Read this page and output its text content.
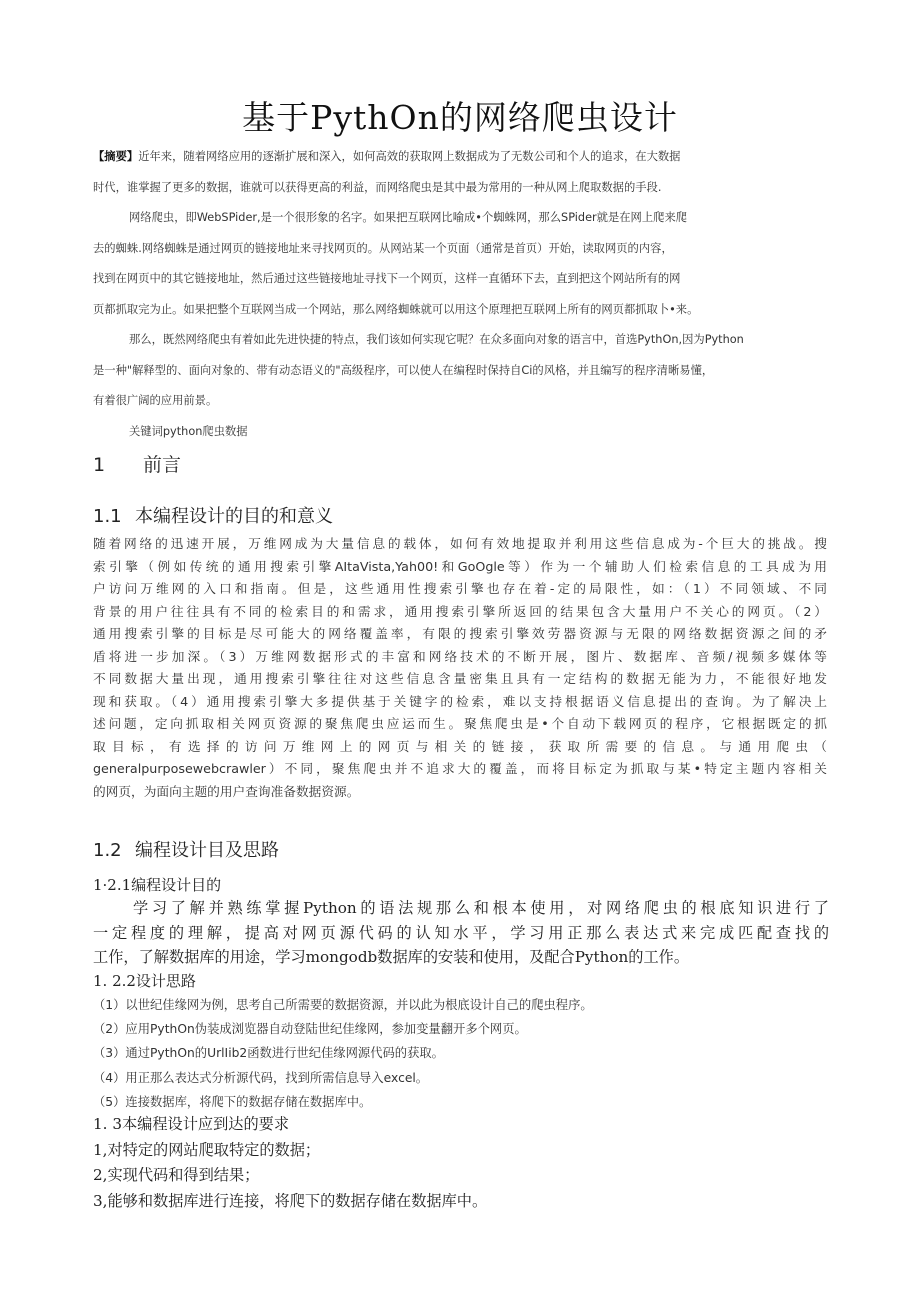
基于PythOn的网络爬虫设计
【摘要】近年来，随着网络应用的逐渐扩展和深入，如何高效的获取网上数据成为了无数公司和个人的追求，在大数据
时代，谁掌握了更多的数据，谁就可以获得更高的利益，而网络爬虫是其中最为常用的一种从网上爬取数据的手段.
网络爬虫，即WebSPider,是一个很形象的名字。如果把互联网比喻成•个蜘蛛网，那么SPider就是在网上爬来爬
去的蜘蛛.网络蜘蛛是通过网页的链接地址来寻找网页的。从网站某一个页面（通常是首页）开始，读取网页的内容，
找到在网页中的其它链接地址，然后通过这些链接地址寻找下一个网页，这样一直循环下去，直到把这个网站所有的网
页都抓取完为止。如果把整个互联网当成一个网站，那么网络蜘蛛就可以用这个原理把互联网上所有的网页都抓取卜•来。
那么，既然网络爬虫有着如此先进快捷的特点，我们该如何实现它呢？在众多面向对象的语言中，首选PythOn,因为Python
是一种"解释型的、面向对象的、带有动态语义的"高级程序，可以使人在编程时保持自Ci的风格，并且编写的程序清晰易懂，
有着很广阔的应用前景。
关键词python爬虫数据
1 前言
1.1 本编程设计的目的和意义
随着网络的迅速开展，万维网成为大量信息的载体，如何有效地提取并利用这些信息成为-个巨大的挑战。搜
索引擎（例如传统的通用搜索引擎AItaVista,Yah00!和GoOgle等）作为一个辅助人们检索信息的工具成为用
户访问万维网的入口和指南。但是，这些通用性搜索引擎也存在着-定的局限性，如：（1）不同领域、不同
背景的用户往往具有不同的检索目的和需求，通用搜索引擎所返回的结果包含大量用户不关心的网页。（2）
通用搜索引擎的目标是尽可能大的网络覆盖率，有限的搜索引擎效劳器资源与无限的网络数据资源之间的矛
盾将进一步加深。（3）万维网数据形式的丰富和网络技术的不断开展，图片、数据库、音频/视频多媒体等
不同数据大量出现，通用搜索引擎往往对这些信息含量密集且具有一定结构的数据无能为力，不能很好地发
现和获取。（4）通用搜索引擎大多提供基于关键字的检索，难以支持根据语义信息提出的查询。为了解决上
述问题，定向抓取相关网页资源的聚焦爬虫应运而生。聚焦爬虫是•个自动下载网页的程序，它根据既定的抓
取目标，有选择的访问万维网上的网页与相关的链接，获取所需要的信息。与通用爬虫（
generalpurposewebcrawler）不同，聚焦爬虫并不追求大的覆盖，而将目标定为抓取与某•特定主题内容相关
的网页，为面向主题的用户查询准备数据资源。
1.2 编程设计目及思路
1·2.1编程设计目的
学习了解并熟练掌握Python的语法规那么和根本使用，对网络爬虫的根底知识进行了
一定程度的理解，提高对网页源代码的认知水平，学习用正那么表达式来完成匹配查找的
工作，了解数据库的用途，学习mongodb数据库的安装和使用，及配合Python的工作。
1. 2.2设计思路
（1）以世纪佳缘网为例，思考自己所需要的数据资源，并以此为根底设计自己的爬虫程序。
（2）应用PythOn伪装成浏览器自动登陆世纪佳缘网，参加变量翻开多个网页。
（3）通过PythOn的UrlIib2函数进行世纪佳缘网源代码的获取。
（4）用正那么表达式分析源代码，找到所需信息导入excel。
（5）连接数据库，将爬下的数据存储在数据库中。
1. 3本编程设计应到达的要求
1,对特定的网站爬取特定的数据；
2,实现代码和得到结果；
3,能够和数据库进行连接，将爬下的数据存储在数据库中。
